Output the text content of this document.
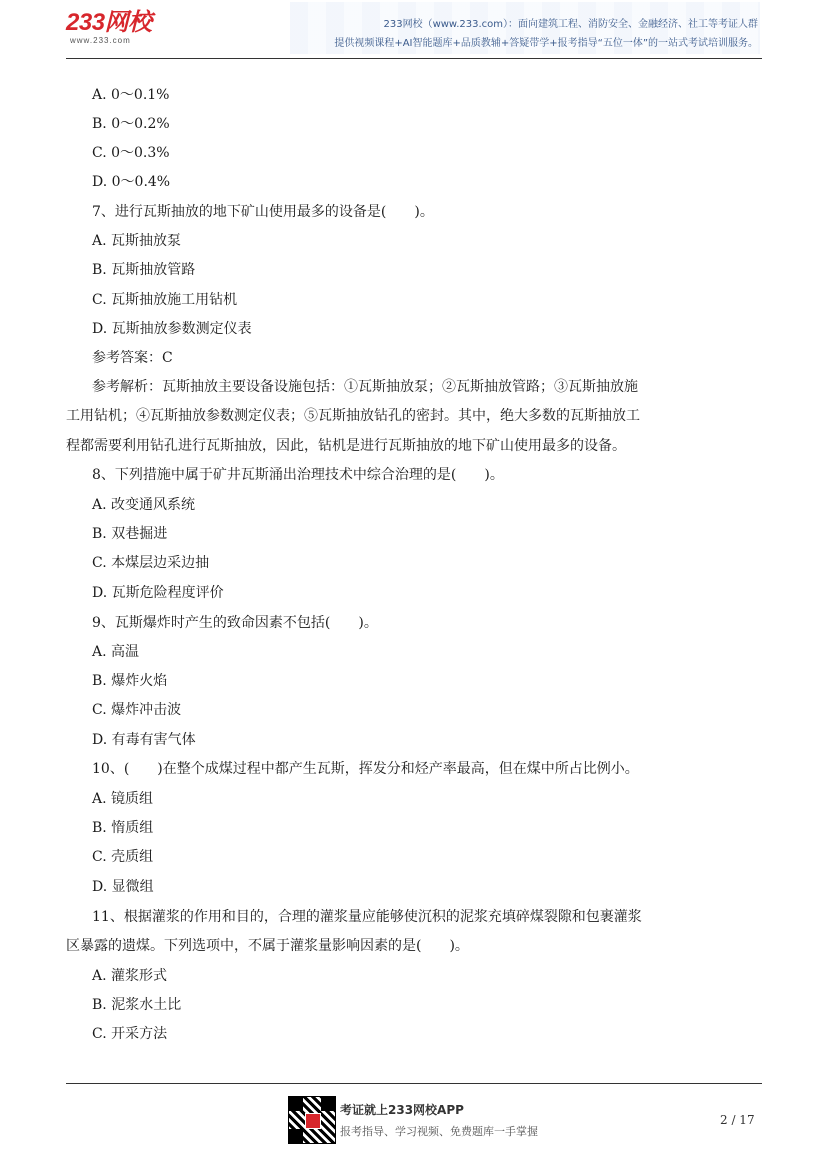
233网校
www.233.com
233网校（www.233.com）：面向建筑工程、消防安全、金融经济、社工等考证人群
提供视频课程+AI智能题库+品质教辅+答疑带学+报考指导“五位一体”的一站式考试培训服务。
A. 0～0.1%
B. 0～0.2%
C. 0～0.3%
D. 0～0.4%
7、进行瓦斯抽放的地下矿山使用最多的设备是(　　)。
A. 瓦斯抽放泵
B. 瓦斯抽放管路
C. 瓦斯抽放施工用钻机
D. 瓦斯抽放参数测定仪表
参考答案：C
参考解析：瓦斯抽放主要设备设施包括：①瓦斯抽放泵；②瓦斯抽放管路；③瓦斯抽放施
工用钻机；④瓦斯抽放参数测定仪表；⑤瓦斯抽放钻孔的密封。其中，绝大多数的瓦斯抽放工
程都需要利用钻孔进行瓦斯抽放，因此，钻机是进行瓦斯抽放的地下矿山使用最多的设备。
8、下列措施中属于矿井瓦斯涌出治理技术中综合治理的是(　　)。
A. 改变通风系统
B. 双巷掘进
C. 本煤层边采边抽
D. 瓦斯危险程度评价
9、瓦斯爆炸时产生的致命因素不包括(　　)。
A. 高温
B. 爆炸火焰
C. 爆炸冲击波
D. 有毒有害气体
10、(　　)在整个成煤过程中都产生瓦斯，挥发分和烃产率最高，但在煤中所占比例小。
A. 镜质组
B. 惰质组
C. 壳质组
D. 显微组
11、根据灌浆的作用和目的，合理的灌浆量应能够使沉积的泥浆充填碎煤裂隙和包裹灌浆
区暴露的遗煤。下列选项中，不属于灌浆量影响因素的是(　　)。
A. 灌浆形式
B. 泥浆水土比
C. 开采方法
考证就上233网校APP
报考指导、学习视频、免费题库一手掌握
2 / 17
